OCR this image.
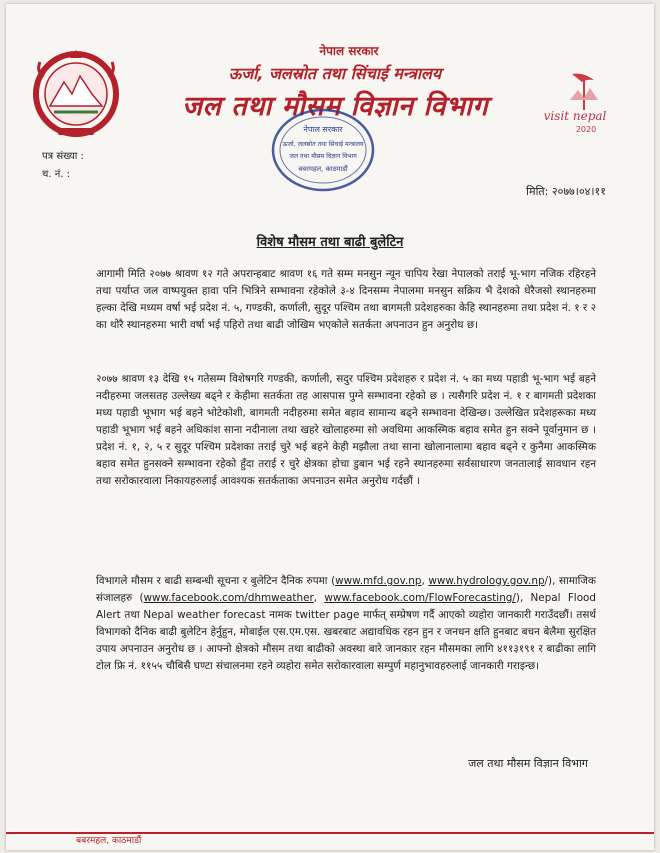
नेपाल सरकार
ऊर्जा, जलस्रोत तथा सिंचाई मन्त्रालय
जल तथा मौसम विज्ञान विभाग
नेपाल सरकार
ऊर्जा, जलस्रोत तथा सिंचाई मन्त्रालय
जल तथा मौसम विज्ञान विभाग
बबरमहल, काठमाडौं
visit nepal
2020
पत्र संख्या :
च. नं. :
मिति: २०७७।०४।११
विशेष मौसम तथा बाढी बुलेटिन
आगामी मिति २०७७ श्रावण १२ गते अपरान्हबाट श्रावण १६ गते सम्म मनसुन न्यून चापिय रेखा नेपालको तराई भू-भाग नजिक रहिरहने तथा पर्याप्त जल वाष्पयुक्त हावा पनि भित्रिने सम्भावना रहेकोले ३-४ दिनसम्म नेपालमा मनसुन सक्रिय भै देशको धेरैजसो स्थानहरुमा हल्का देखि मध्यम वर्षा भई प्रदेश नं. ५, गण्डकी, कर्णाली, सुदूर पश्चिम तथा बागमती प्रदेशहरुका केहि स्थानहरुमा तथा प्रदेश नं. १ र २ का थोरै स्थानहरुमा भारी वर्षा भई पहिरो तथा बाढी जोखिम भएकोले सतर्कता अपनाउन हुन अनुरोध छ।
२०७७ श्रावण १३ देखि १५ गतेसम्म विशेषगरि गण्डकी, कर्णाली, सदुर पश्चिम प्रदेशहरु र प्रदेश नं. ५ का मध्य पहाडी भू-भाग भई बहने नदीहरुमा जलसतह उल्लेख्य बढ्ने र केहीमा सतर्कता तह आसपास पुग्ने सम्भावना रहेको छ । त्यसैगरि प्रदेश नं. १ र बागमती प्रदेशका मध्य पहाडी भूभाग भई बहने भोटेकोशी, बागमती नदीहरुमा समेत बहाव सामान्य बढ्ने सम्भावना देखिन्छ। उल्लेखित प्रदेशहरूका मध्य पहाडी भूभाग भई बहने अधिकांश साना नदीनाला तथा खहरे खोलाहरुमा सो अवधिमा आकस्मिक बहाव समेत हुन सक्ने पूर्वानुमान छ । प्रदेश नं. १, २, ५ र सुदूर पश्चिम प्रदेशका तराई चुरे भई बहने केही मझौला तथा साना खोलानालामा बहाव बढ्ने र कुनैमा आकस्मिक बहाव समेत हुनसक्ने सम्भावना रहेको हुँदा तराई र चुरे क्षेत्रका होचा डुबान भई रहने स्थानहरुमा सर्वसाधारण जनतालाई सावधान रहन तथा सरोकारवाला निकायहरुलाई आवश्यक सतर्कताका अपनाउन समेत अनुरोध गर्दछौं ।
विभागले मौसम र बाढी सम्बन्धी सूचना र बुलेटिन दैनिक रुपमा (www.mfd.gov.np, www.hydrology.gov.np/), सामाजिक संजालहरु (www.facebook.com/dhmweather, www.facebook.com/FlowForecasting/), Nepal Flood Alert तथा Nepal weather forecast नामक twitter page मार्फत् सम्प्रेषण गर्दै आएको व्यहोरा जानकारी गराउँदछौं। तसर्थ विभागको दैनिक बाढी बुलेटिन हेर्नुहुन, मोबाईल एस.एम.एस. खबरबाट अद्यावधिक रहन हुन र जनधन क्षति हुनबाट बचन बेलैमा सुरक्षित उपाय अपनाउन अनुरोध छ । आफ्नो क्षेत्रको मौसम तथा बाढीको अवस्था बारे जानकार रहन मौसमका लागि ४११३१९१ र बाढीका लागि टोल फ्रि नं. ११५५ चौबिसै घण्टा संचालनमा रहने व्यहोरा समेत सरोकारवाला सम्पुर्ण महानुभावहरुलाई जानकारी गराइन्छ।
जल तथा मौसम विज्ञान विभाग
बबरमहल, काठमाडौं
